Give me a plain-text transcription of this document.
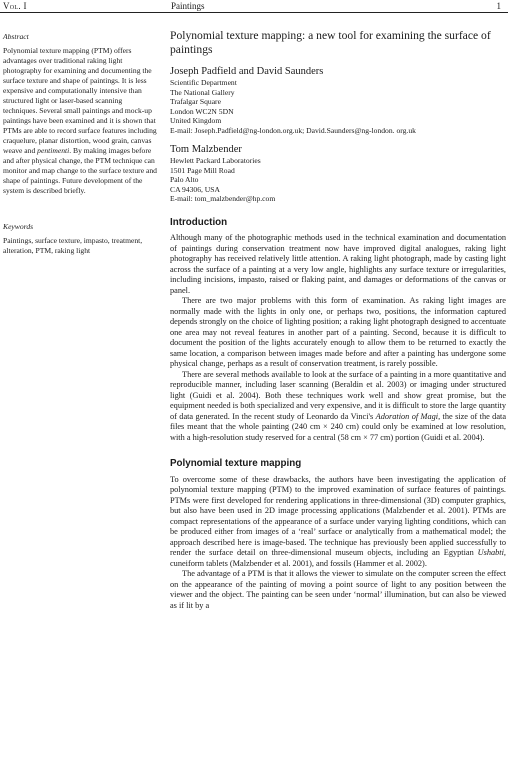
Vol. I	Paintings	1
Abstract

Polynomial texture mapping (PTM) offers advantages over traditional raking light photography for examining and documenting the surface texture and shape of paintings. It is less expensive and computationally intensive than structured light or laser-based scanning techniques. Several small paintings and mock-up paintings have been examined and it is shown that PTMs are able to record surface features including craquelure, planar distortion, wood grain, canvas weave and pentimenti. By making images before and after physical change, the PTM technique can monitor and map change to the surface texture and shape of paintings. Future development of the system is described briefly.

Keywords

Paintings, surface texture, impasto, treatment, alteration, PTM, raking light

Polynomial texture mapping: a new tool for examining the surface of paintings
Joseph Padfield and David Saunders
Scientific Department
The National Gallery
Trafalgar Square
London WC2N 5DN
United Kingdom
E-mail: Joseph.Padfield@ng-london.org.uk; David.Saunders@ng-london. org.uk
Tom Malzbender
Hewlett Packard Laboratories
1501 Page Mill Road
Palo Alto
CA 94306, USA
E-mail: tom_malzbender@hp.com
Introduction

Although many of the photographic methods used in the technical examination and documentation of paintings during conservation treatment now have improved digital analogues, raking light photography has received relatively little attention. A raking light photograph, made by casting light across the surface of a painting at a very low angle, highlights any surface texture or irregularities, including incisions, impasto, raised or flaking paint, and damages or deformations of the canvas or panel.

There are two major problems with this form of examination. As raking light images are normally made with the lights in only one, or perhaps two, positions, the information captured depends strongly on the choice of lighting position; a raking light photograph designed to accentuate one area may not reveal features in another part of a painting. Second, because it is difficult to document the position of the lights accurately enough to allow them to be returned to exactly the same location, a comparison between images made before and after a painting has undergone some physical change, perhaps as a result of conservation treatment, is rarely possible.

There are several methods available to look at the surface of a painting in a more quantitative and reproducible manner, including laser scanning (Beraldin et al. 2003) or imaging under structured light (Guidi et al. 2004). Both these techniques work well and show great promise, but the equipment needed is both specialized and very expensive, and it is difficult to store the large quantity of data generated. In the recent study of Leonardo da Vinci's Adoration of Magi, the size of the data files meant that the whole painting (240 cm × 240 cm) could only be examined at low resolution, with a high-resolution study reserved for a central (58 cm × 77 cm) portion (Guidi et al. 2004).

Polynomial texture mapping

To overcome some of these drawbacks, the authors have been investigating the application of polynomial texture mapping (PTM) to the improved examination of surface features of paintings. PTMs were first developed for rendering applications in three-dimensional (3D) computer graphics, but also have been used in 2D image processing applications (Malzbender et al. 2001). PTMs are compact representations of the appearance of a surface under varying lighting conditions, which can be produced either from images of a ‘real’ surface or analytically from a mathematical model; the approach described here is image-based. The technique has previously been applied successfully to render the surface detail on three-dimensional museum objects, including an Egyptian Ushabti, cuneiform tablets (Malzbender et al. 2001), and fossils (Hammer et al. 2002).

The advantage of a PTM is that it allows the viewer to simulate on the computer screen the effect on the appearance of the painting of moving a point source of light to any position between the viewer and the object. The painting can be seen under ‘normal’ illumination, but can also be viewed as if lit by a
